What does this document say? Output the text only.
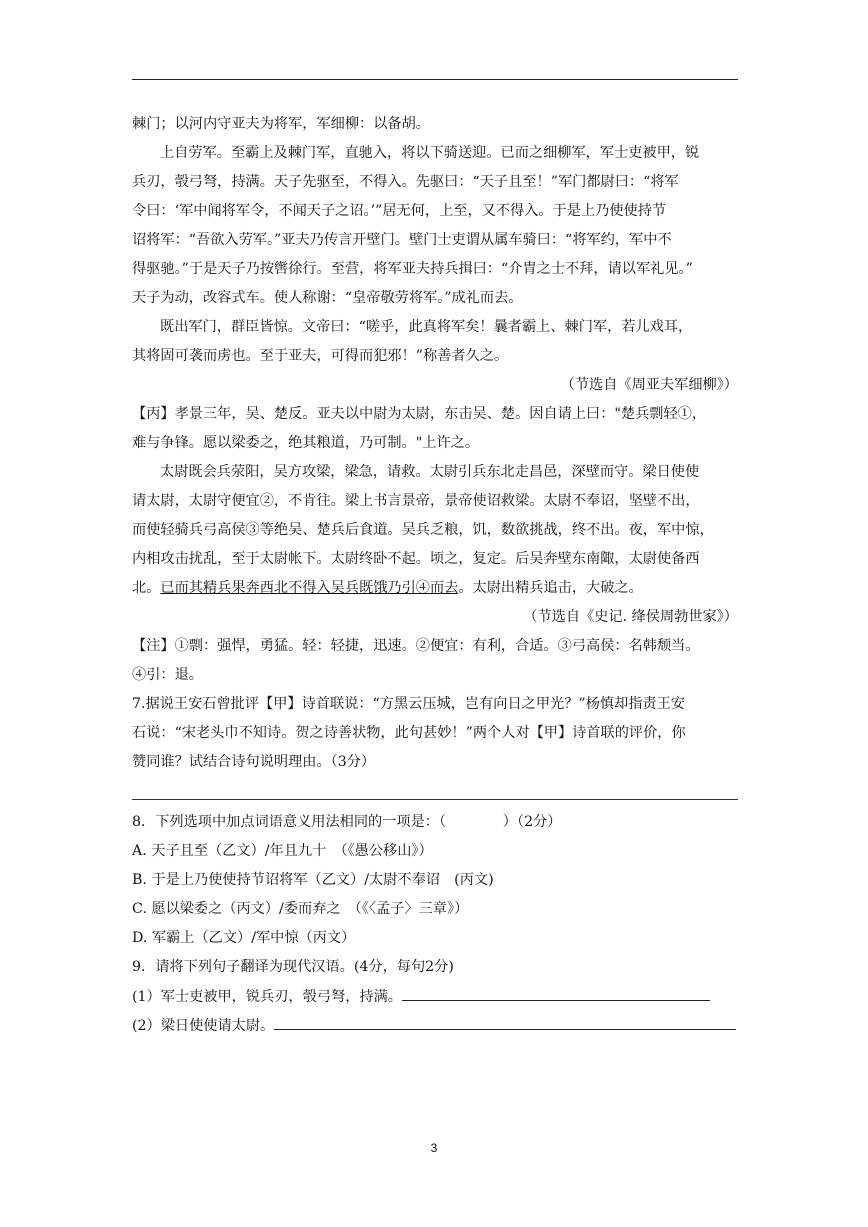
棘门；以河内守亚夫为将军，军细柳：以备胡。
上自劳军。至霸上及棘门军，直驰入，将以下骑送迎。已而之细柳军，军士吏被甲，锐
兵刃，彀弓弩，持满。天子先驱至，不得入。先驱曰：“天子且至！”军门都尉曰：“将军
令曰：‘军中闻将军令，不闻天子之诏。’”居无何，上至，又不得入。于是上乃使使持节
诏将军：“吾欲入劳军。”亚夫乃传言开壁门。壁门士吏谓从属车骑曰：“将军约，军中不
得驱驰。”于是天子乃按辔徐行。至营，将军亚夫持兵揖曰：“介胄之士不拜，请以军礼见。”
天子为动，改容式车。使人称谢：“皇帝敬劳将军。”成礼而去。
既出军门，群臣皆惊。文帝曰：“嗟乎，此真将军矣！曩者霸上、棘门军，若儿戏耳，
其将固可袭而虏也。至于亚夫，可得而犯邪！”称善者久之。
（节选自《周亚夫军细柳》）
【丙】孝景三年，吴、楚反。亚夫以中尉为太尉，东击吴、楚。因自请上曰："楚兵剽轻①，
难与争锋。愿以梁委之，绝其粮道，乃可制。"上许之。
太尉既会兵荥阳，吴方攻梁，梁急，请救。太尉引兵东北走昌邑，深壁而守。梁日使使
请太尉，太尉守便宜②，不肯往。梁上书言景帝，景帝使诏救梁。太尉不奉诏，坚壁不出，
而使轻骑兵弓高侯③等绝吴、楚兵后食道。吴兵乏粮，饥，数欲挑战，终不出。夜，军中惊，
内相攻击扰乱，至于太尉帐下。太尉终卧不起。顷之，复定。后吴奔壁东南陬，太尉使备西
北。已而其精兵果奔西北不得入吴兵既饿乃引④而去。太尉出精兵追击，大破之。
（节选自《史记. 绛侯周勃世家》）
【注】①剽：强悍，勇猛。轻：轻捷，迅速。②便宜：有利，合适。③弓高侯：名韩颓当。
④引：退。
7.据说王安石曾批评【甲】诗首联说：“方黑云压城，岂有向日之甲光？”杨慎却指责王安
石说：“宋老头巾不知诗。贺之诗善状物，此句甚妙！”两个人对【甲】诗首联的评价，你
赞同谁？试结合诗句说明理由。（3分）
8．下列选项中加点词语意义用法相同的一项是：（　　　　）（2分）
A. 天子且至（乙文）/年且九十　（《愚公移山》）
B. 于是上乃使使持节诏将军（乙文）/太尉不奉诏　(丙文)
C. 愿以梁委之（丙文）/委而弃之　（《〈孟子〉三章》）
D. 军霸上（乙文）/军中惊（丙文）
9．请将下列句子翻译为现代汉语。(4分，每句2分)
(1）军士吏被甲，锐兵刃，彀弓弩，持满。
(2）梁日使使请太尉。
3
